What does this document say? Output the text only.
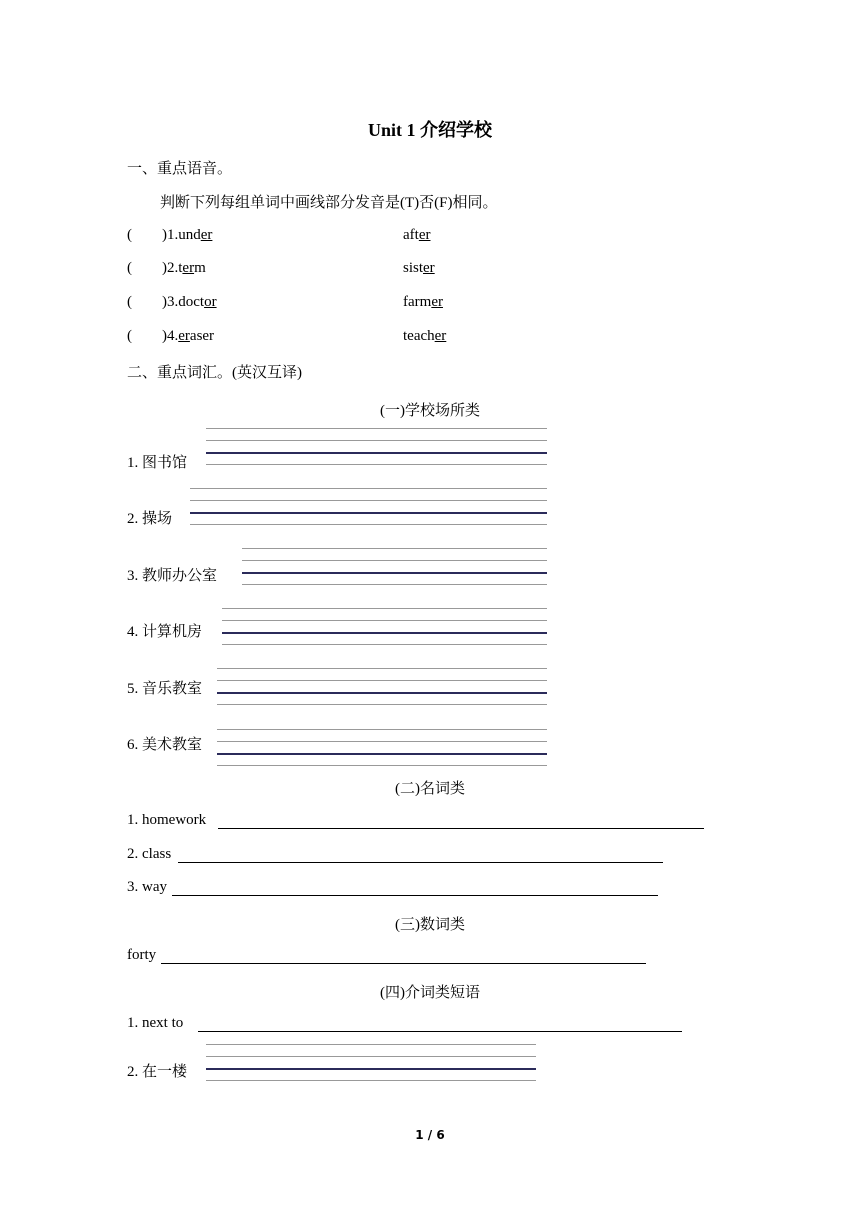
Unit 1 介绍学校
一、重点语音。
判断下列每组单词中画线部分发音是(T)否(F)相同。
(        )1.under	after
(        )2.term	sister
(        )3.doctor	farmer
(        )4.eraser	teacher
二、重点词汇。(英汉互译)
(一)学校场所类
1. 图书馆
2. 操场
3. 教师办公室
4. 计算机房
5. 音乐教室
6. 美术教室
(二)名词类
1. homework
2. class
3. way
(三)数词类
forty
(四)介词类短语
1. next to
2. 在一楼
1 / 6
